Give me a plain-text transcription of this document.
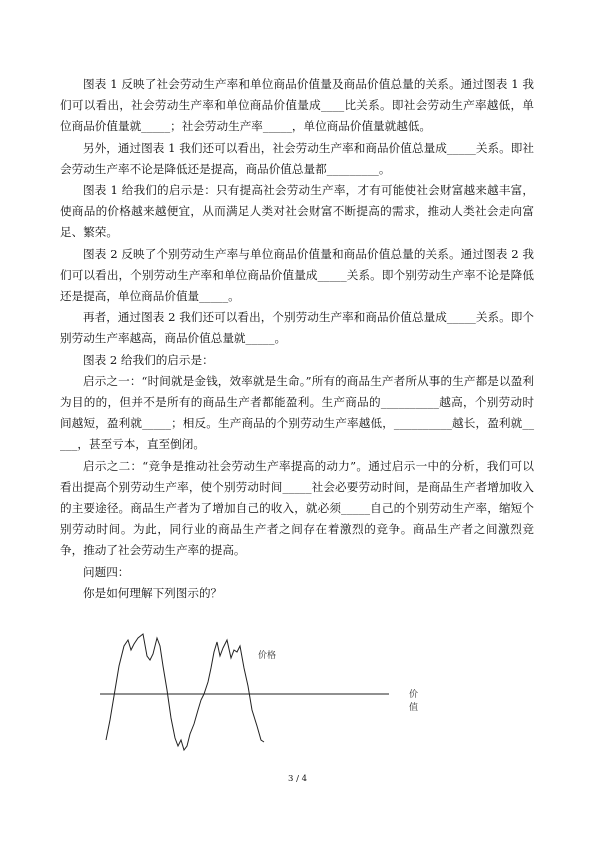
图表 1 反映了社会劳动生产率和单位商品价值量及商品价值总量的关系。通过图表 1 我们可以看出，社会劳动生产率和单位商品价值量成____比关系。即社会劳动生产率越低，单位商品价值量就_____；社会劳动生产率_____，单位商品价值量就越低。

另外，通过图表 1 我们还可以看出，社会劳动生产率和商品价值总量成_____关系。即社会劳动生产率不论是降低还是提高，商品价值总量都_________。

图表 1 给我们的启示是：只有提高社会劳动生产率，才有可能使社会财富越来越丰富，使商品的价格越来越便宜，从而满足人类对社会财富不断提高的需求，推动人类社会走向富足、繁荣。

图表 2 反映了个别劳动生产率与单位商品价值量和商品价值总量的关系。通过图表 2 我们可以看出，个别劳动生产率和单位商品价值量成_____关系。即个别劳动生产率不论是降低还是提高，单位商品价值量_____。

再者，通过图表 2 我们还可以看出，个别劳动生产率和商品价值总量成_____关系。即个别劳动生产率越高，商品价值总量就_____。

图表 2 给我们的启示是：

启示之一：“时间就是金钱，效率就是生命。”所有的商品生产者所从事的生产都是以盈利为目的的，但并不是所有的商品生产者都能盈利。生产商品的__________越高，个别劳动时间越短，盈利就_____；相反。生产商品的个别劳动生产率越低，__________越长，盈利就_____，甚至亏本，直至倒闭。

启示之二：“竞争是推动社会劳动生产率提高的动力”。通过启示一中的分析，我们可以看出提高个别劳动生产率，使个别劳动时间_____社会必要劳动时间，是商品生产者增加收入的主要途径。商品生产者为了增加自己的收入，就必须_____自己的个别劳动生产率，缩短个别劳动时间。为此，同行业的商品生产者之间存在着激烈的竞争。商品生产者之间激烈竞争，推动了社会劳动生产率的提高。

问题四：

你是如何理解下列图示的？

价格
价值
3 / 4
